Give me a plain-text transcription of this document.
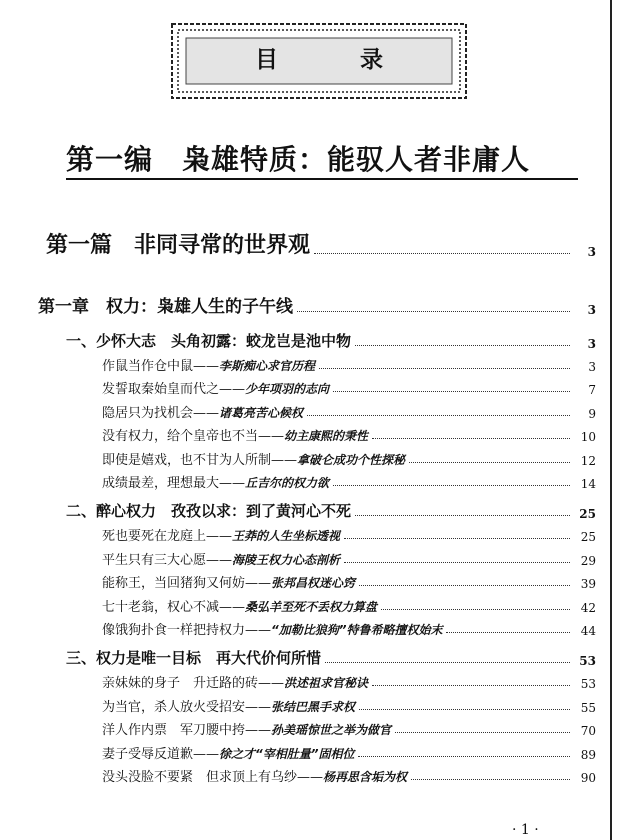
目	录
第一编　枭雄特质：能驭人者非庸人
第一篇　非同寻常的世界观	3
第一章　权力：枭雄人生的子午线	3
一、少怀大志　头角初露：蛟龙岂是池中物	3
作鼠当作仓中鼠——李斯痴心求官历程	3
发誓取秦始皇而代之——少年项羽的志向	7
隐居只为找机会——诸葛亮苦心候权	9
没有权力，给个皇帝也不当——幼主康熙的秉性	10
即使是嬉戏，也不甘为人所制——拿破仑成功个性探秘	12
成绩最差，理想最大——丘吉尔的权力欲	14
二、醉心权力　孜孜以求：到了黄河心不死	25
死也要死在龙庭上——王莽的人生坐标透视	25
平生只有三大心愿——海陵王权力心态剖析	29
能称王，当回猪狗又何妨——张邦昌权迷心窍	39
七十老翁，权心不减——桑弘羊至死不丢权力算盘	42
像饿狗扑食一样把持权力——“加勒比狼狗”特鲁希略擅权始末	44
三、权力是唯一目标　再大代价何所惜	53
亲妹妹的身子　升迁路的砖——洪述祖求官秘诀	53
为当官，杀人放火受招安——张结巴黑手求权	55
洋人作内票　军刀腰中挎——孙美瑶惊世之举为做官	70
妻子受辱反道歉——徐之才“宰相肚量”固相位	89
没头没脸不要紧　但求顶上有乌纱——杨再思含垢为权	90
· 1 ·
